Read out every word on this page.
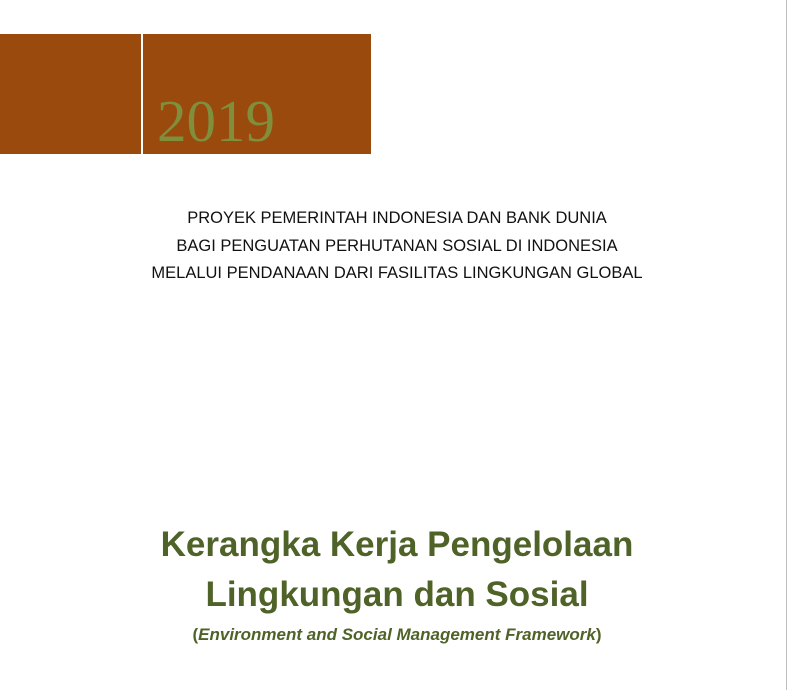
2019
PROYEK PEMERINTAH INDONESIA DAN BANK DUNIA
BAGI PENGUATAN PERHUTANAN SOSIAL DI INDONESIA
MELALUI PENDANAAN DARI FASILITAS LINGKUNGAN GLOBAL
Kerangka Kerja Pengelolaan
Lingkungan dan Sosial
(Environment and Social Management Framework)
